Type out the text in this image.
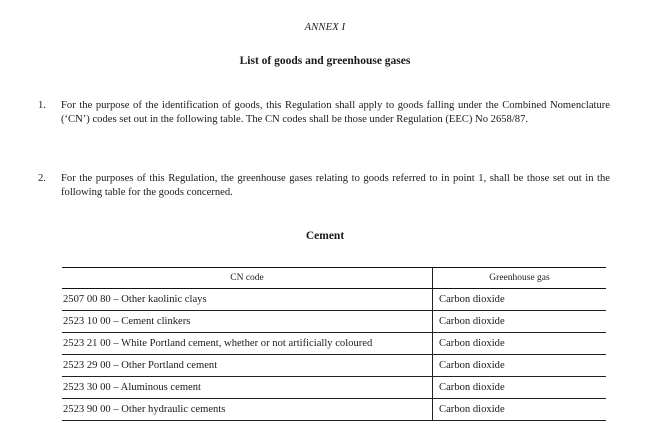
ANNEX I
List of goods and greenhouse gases
1. For the purpose of the identification of goods, this Regulation shall apply to goods falling under the Combined Nomenclature (‘CN’) codes set out in the following table. The CN codes shall be those under Regulation (EEC) No 2658/87.
2. For the purposes of this Regulation, the greenhouse gases relating to goods referred to in point 1, shall be those set out in the following table for the goods concerned.
Cement
CN code	Greenhouse gas
2507 00 80 – Other kaolinic clays	Carbon dioxide
2523 10 00 – Cement clinkers	Carbon dioxide
2523 21 00 – White Portland cement, whether or not artificially coloured	Carbon dioxide
2523 29 00 – Other Portland cement	Carbon dioxide
2523 30 00 – Aluminous cement	Carbon dioxide
2523 90 00 – Other hydraulic cements	Carbon dioxide
